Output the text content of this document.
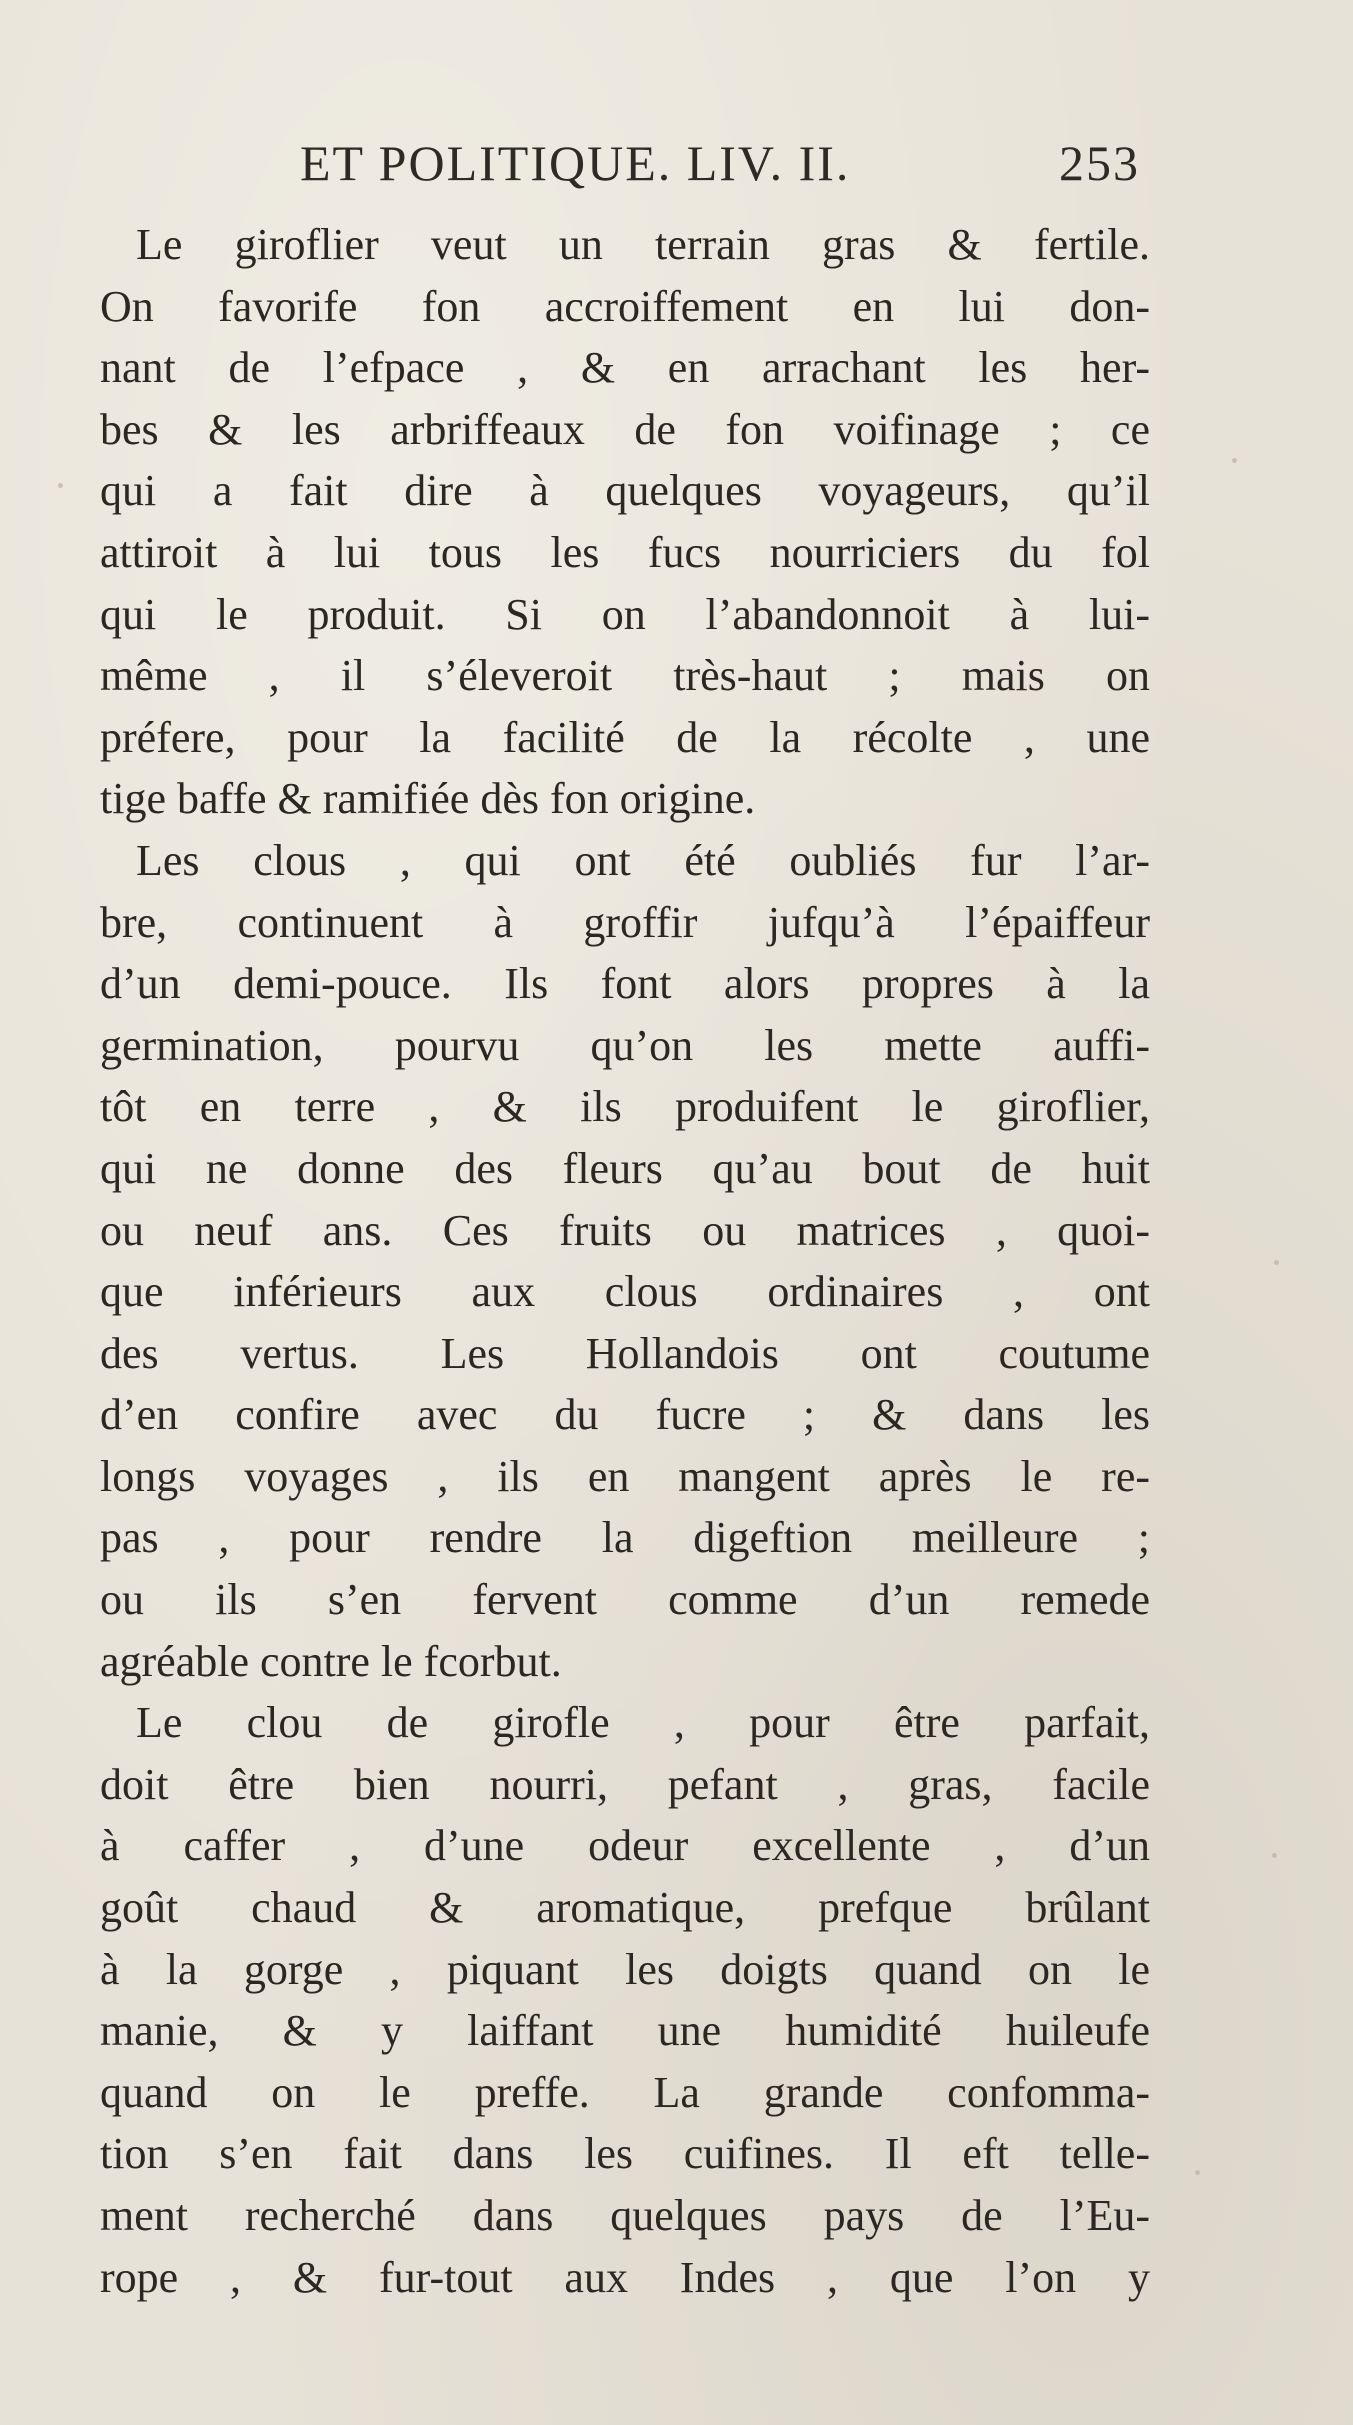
ET POLITIQUE. LIV. II.	253
Le giroflier veut un terrain gras & fertile.
On favorife fon accroiffement en lui don-
nant de l’efpace , & en arrachant les her-
bes & les arbriffeaux de fon voifinage ; ce
qui a fait dire à quelques voyageurs, qu’il
attiroit à lui tous les fucs nourriciers du fol
qui le produit. Si on l’abandonnoit à lui-
même , il s’éleveroit très-haut ; mais on
préfere, pour la facilité de la récolte , une
tige baffe & ramifiée dès fon origine.
Les clous , qui ont été oubliés fur l’ar-
bre, continuent à groffir jufqu’à l’épaiffeur
d’un demi-pouce. Ils font alors propres à la
germination, pourvu qu’on les mette auffi-
tôt en terre , & ils produifent le giroflier,
qui ne donne des fleurs qu’au bout de huit
ou neuf ans. Ces fruits ou matrices , quoi-
que inférieurs aux clous ordinaires , ont
des vertus. Les Hollandois ont coutume
d’en confire avec du fucre ; & dans les
longs voyages , ils en mangent après le re-
pas , pour rendre la digeftion meilleure ;
ou ils s’en fervent comme d’un remede
agréable contre le fcorbut.
Le clou de girofle , pour être parfait,
doit être bien nourri, pefant , gras, facile
à caffer , d’une odeur excellente , d’un
goût chaud & aromatique, prefque brûlant
à la gorge , piquant les doigts quand on le
manie, & y laiffant une humidité huileufe
quand on le preffe. La grande confomma-
tion s’en fait dans les cuifines. Il eft telle-
ment recherché dans quelques pays de l’Eu-
rope , & fur-tout aux Indes , que l’on y
